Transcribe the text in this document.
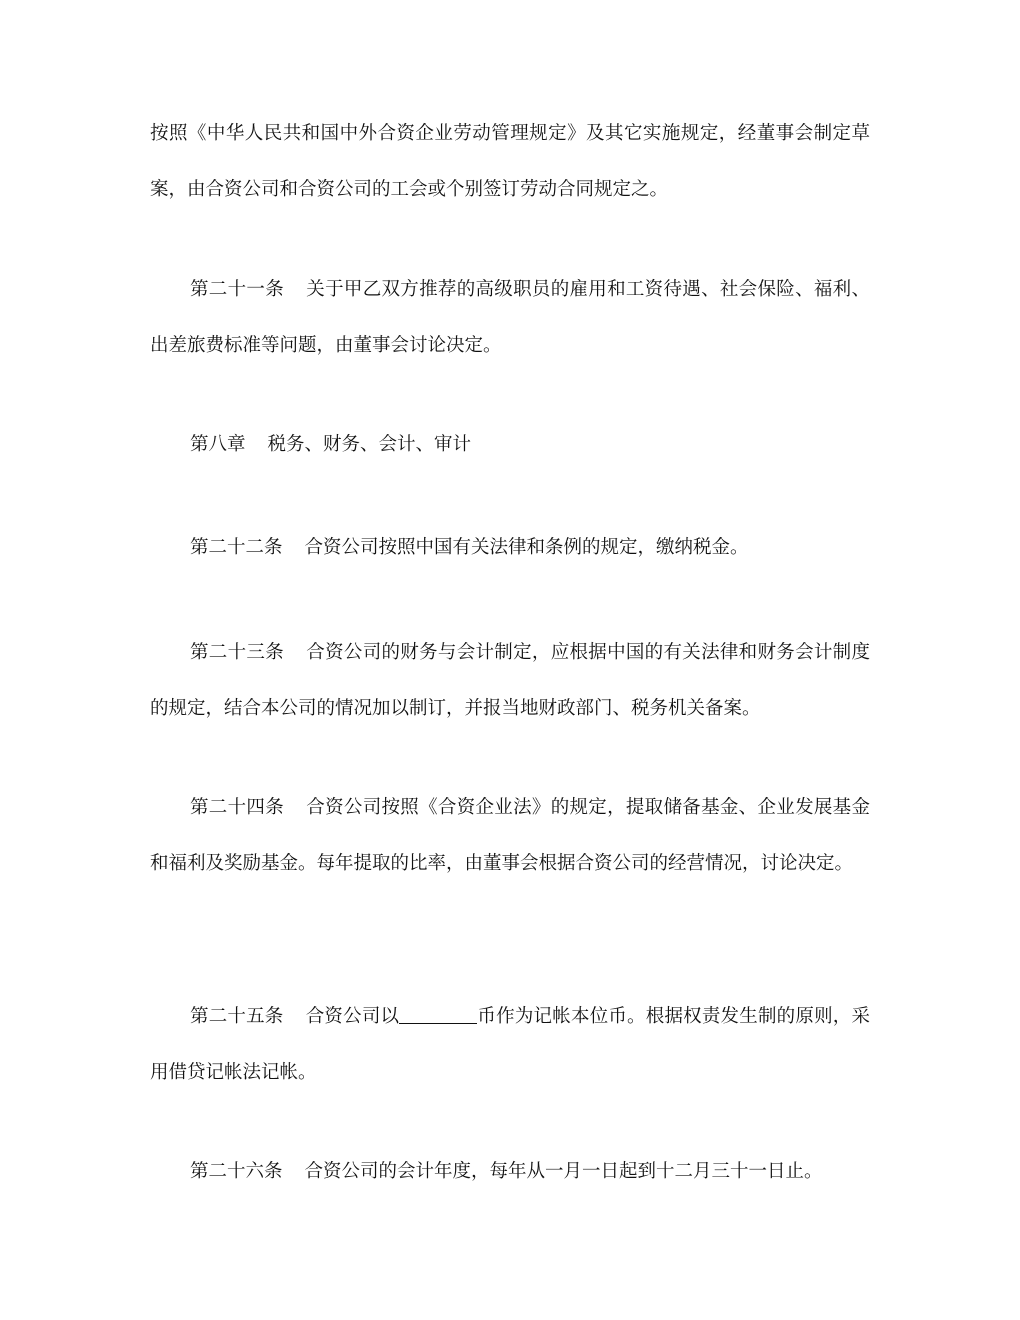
按照《中华人民共和国中外合资企业劳动管理规定》及其它实施规定，经董事会制定草案，由合资公司和合资公司的工会或个别签订劳动合同规定之。
第二十一条 关于甲乙双方推荐的高级职员的雇用和工资待遇、社会保险、福利、出差旅费标准等问题，由董事会讨论决定。
第八章 税务、财务、会计、审计
第二十二条 合资公司按照中国有关法律和条例的规定，缴纳税金。
第二十三条 合资公司的财务与会计制定，应根据中国的有关法律和财务会计制度的规定，结合本公司的情况加以制订，并报当地财政部门、税务机关备案。
第二十四条 合资公司按照《合资企业法》的规定，提取储备基金、企业发展基金和福利及奖励基金。每年提取的比率，由董事会根据合资公司的经营情况，讨论决定。
第二十五条 合资公司以	币作为记帐本位币。根据权责发生制的原则，采用借贷记帐法记帐。
第二十六条 合资公司的会计年度，每年从一月一日起到十二月三十一日止。
